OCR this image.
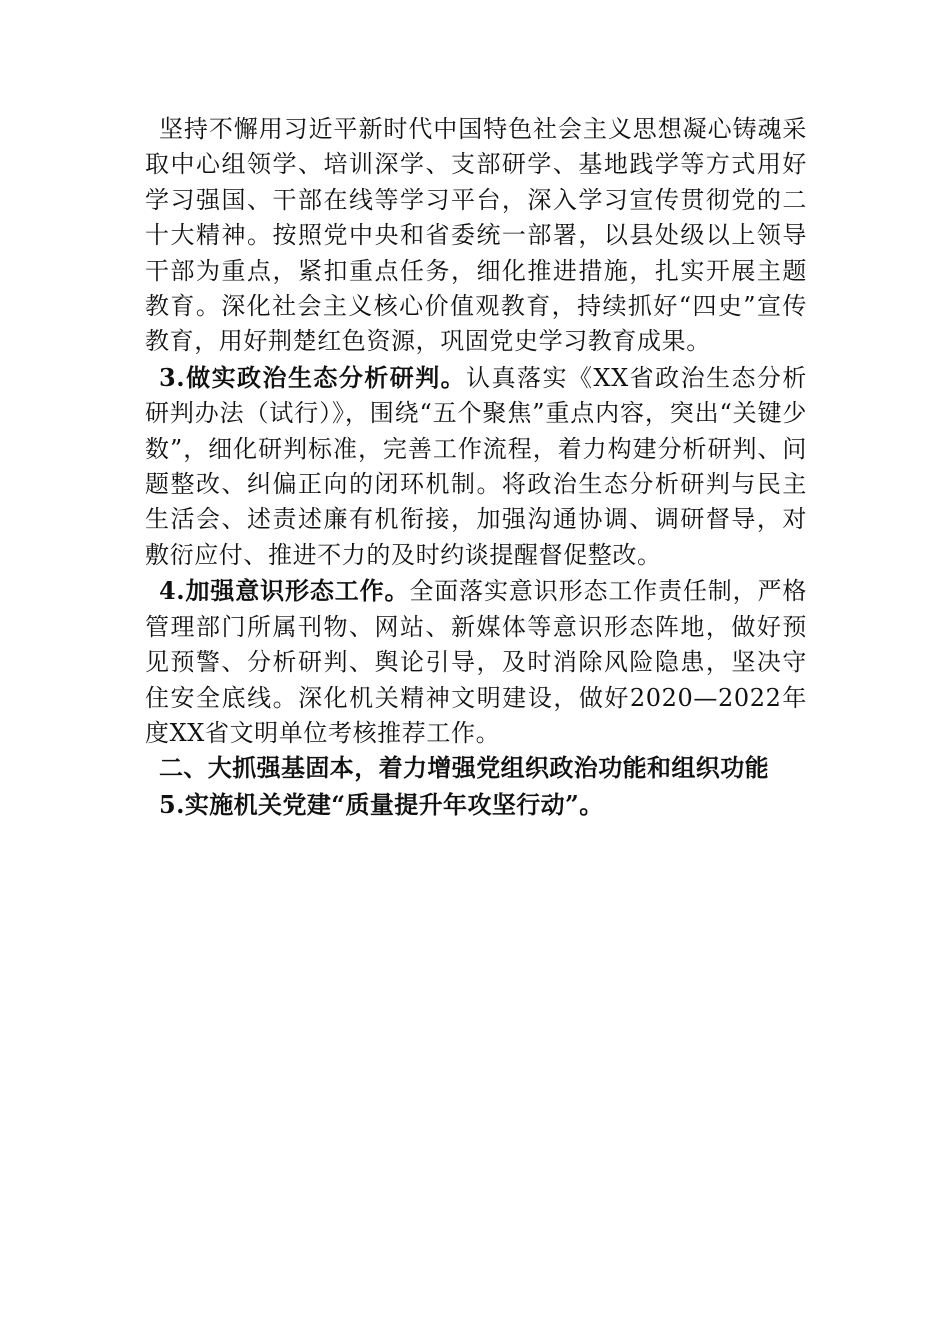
坚持不懈用习近平新时代中国特色社会主义思想凝心铸魂采取中心组领学、培训深学、支部研学、基地践学等方式用好学习强国、干部在线等学习平台，深入学习宣传贯彻党的二十大精神。按照党中央和省委统一部署，以县处级以上领导干部为重点，紧扣重点任务，细化推进措施，扎实开展主题教育。深化社会主义核心价值观教育，持续抓好“四史”宣传教育，用好荆楚红色资源，巩固党史学习教育成果。

3.做实政治生态分析研判。认真落实《XX省政治生态分析研判办法（试行）》，围绕“五个聚焦”重点内容，突出“关键少数”，细化研判标准，完善工作流程，着力构建分析研判、问题整改、纠偏正向的闭环机制。将政治生态分析研判与民主生活会、述责述廉有机衔接，加强沟通协调、调研督导，对敷衍应付、推进不力的及时约谈提醒督促整改。

4.加强意识形态工作。全面落实意识形态工作责任制，严格管理部门所属刊物、网站、新媒体等意识形态阵地，做好预见预警、分析研判、舆论引导，及时消除风险隐患，坚决守住安全底线。深化机关精神文明建设，做好2020—2022年度XX省文明单位考核推荐工作。

二、大抓强基固本，着力增强党组织政治功能和组织功能

5.实施机关党建“质量提升年攻坚行动”。
